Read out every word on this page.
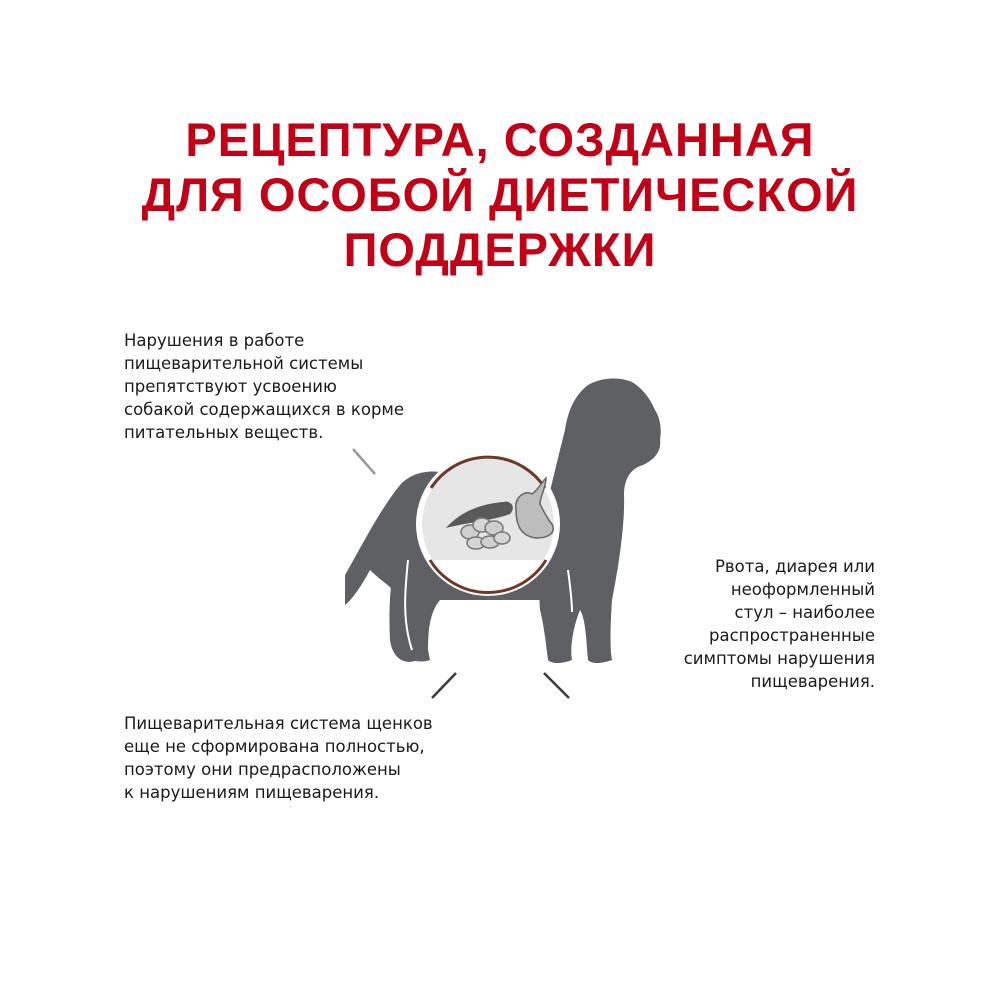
РЕЦЕПТУРА, СОЗДАННАЯ
ДЛЯ ОСОБОЙ ДИЕТИЧЕСКОЙ
ПОДДЕРЖКИ
Нарушения в работе
пищеварительной системы
препятствуют усвоению
собакой содержащихся в корме
питательных веществ.
Рвота, диарея или
неоформленный
стул – наиболее
распространенные
симптомы нарушения
пищеварения.
Пищеварительная система щенков
еще не сформирована полностью,
поэтому они предрасположены
к нарушениям пищеварения.
